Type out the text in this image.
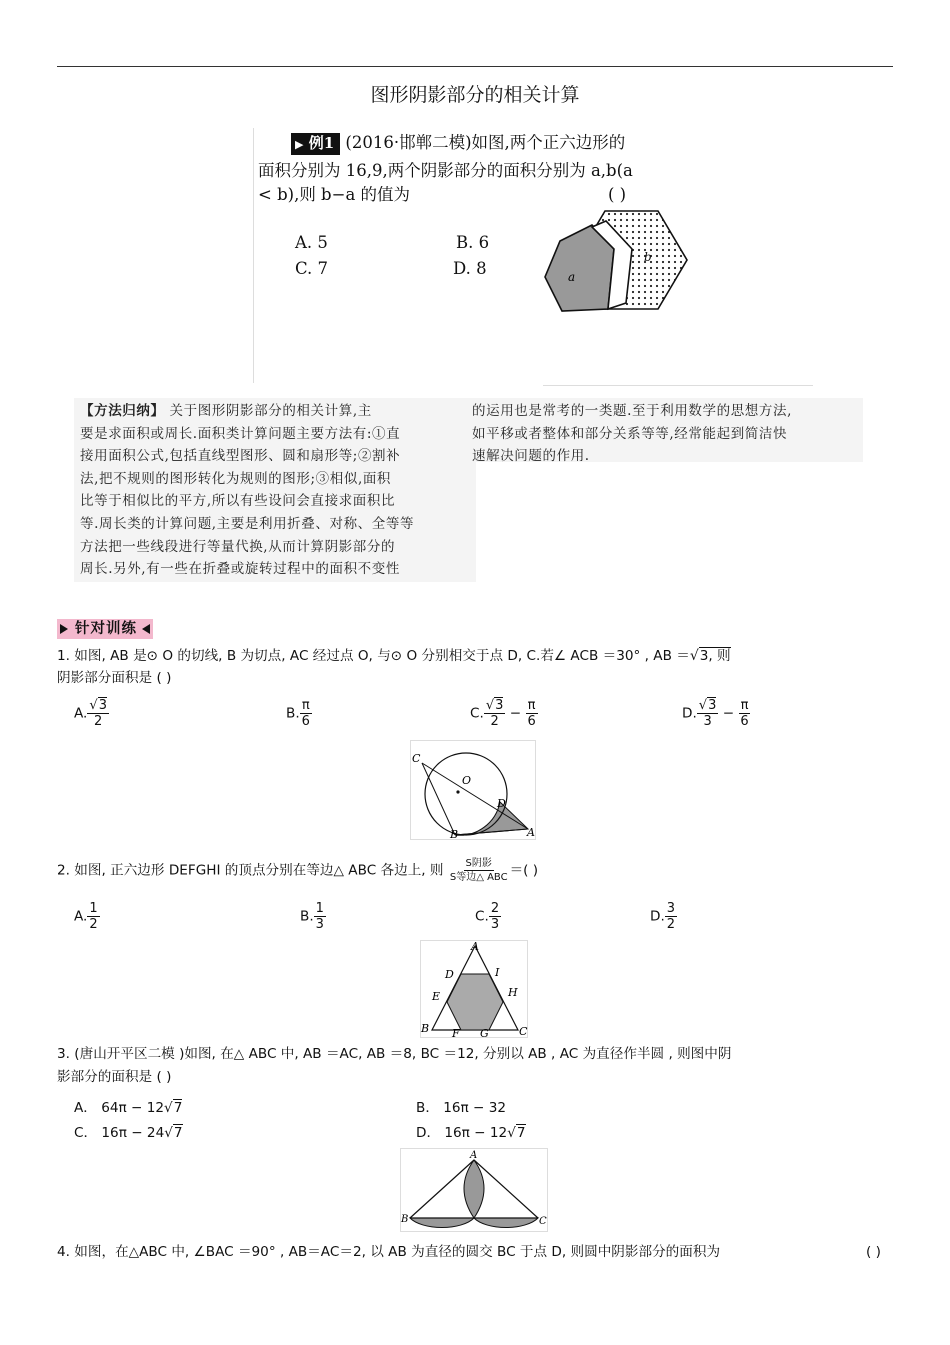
图形阴影部分的相关计算
▶ 例1 (2016·邯郸二模)如图,两个正六边形的
面积分别为 16,9,两个阴影部分的面积分别为 a,b(a
< b),则 b−a 的值为	( )
A. 5	B. 6
C. 7	D. 8	a
b
【方法归纳】 关于图形阴影部分的相关计算,主
要是求面积或周长.面积类计算问题主要方法有:①直
接用面积公式,包括直线型图形、圆和扇形等;②割补
法,把不规则的图形转化为规则的图形;③相似,面积
比等于相似比的平方,所以有些设问会直接求面积比
等.周长类的计算问题,主要是利用折叠、对称、全等等
方法把一些线段进行等量代换,从而计算阴影部分的
周长.另外,有一些在折叠或旋转过程中的面积不变性
的运用也是常考的一类题.至于利用数学的思想方法,
如平移或者整体和部分关系等等,经常能起到简洁快
速解决问题的作用.
针对训练
1. 如图, AB 是⊙ O 的切线, B 为切点, AC 经过点 O, 与⊙ O 分别相交于点 D, C.若∠ ACB ＝30° , AB ＝√3, 则
阴影部分面积是 ( )
A. $\frac{√3}{2}$	B. $\frac{\pi}{6}$	C. $\frac{√3}{2} - \frac{\pi}{6}$	D. $\frac{√3}{3} - \frac{\pi}{6}$
C
O
D
B	A
2. 如图, 正六边形 DEFGHI 的顶点分别在等边△ ABC 各边上, 则 $\frac{\text{S阴影}}{\text{S等边△ ABC}}$ ＝( )
A. $\frac{1}{2}$	B. $\frac{1}{3}$	C. $\frac{2}{3}$	D. $\frac{3}{2}$
A
D	I
E	H
B F G	C
3. (唐山开平区二模 )如图, 在△ ABC 中, AB ＝AC, AB ＝8, BC ＝12, 分别以 AB , AC 为直径作半圆 , 则图中阴
影部分的面积是 ( )
A． 64π − 12√7	B． 16π − 32
C． 16π − 24√7	D． 16π − 12√7
A
B	C
4. 如图，在△ABC 中, ∠BAC ＝90° , AB＝AC＝2, 以 AB 为直径的圆交 BC 于点 D, 则圆中阴影部分的面积为	( )
